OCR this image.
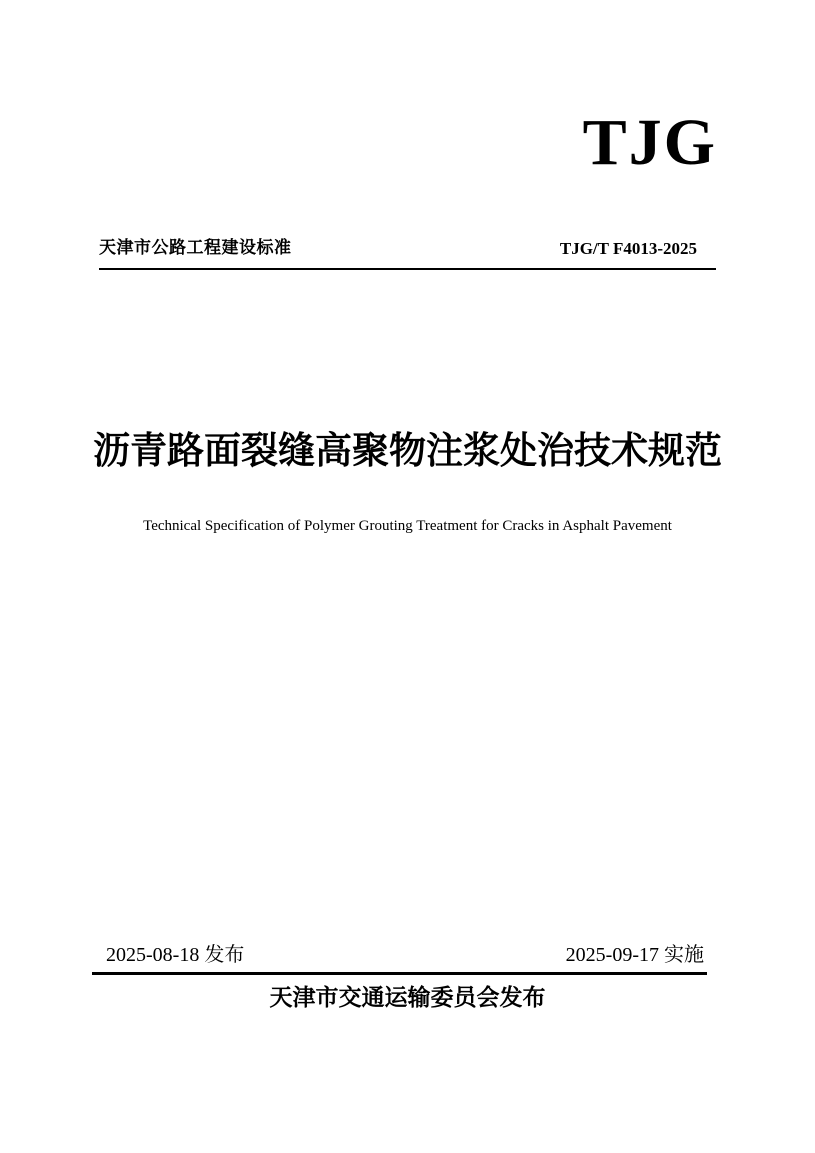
TJG
天津市公路工程建设标准	TJG/T F4013-2025
沥青路面裂缝高聚物注浆处治技术规范
Technical Specification of Polymer Grouting Treatment for Cracks in Asphalt Pavement
2025-08-18 发布	2025-09-17 实施
天津市交通运输委员会发布
